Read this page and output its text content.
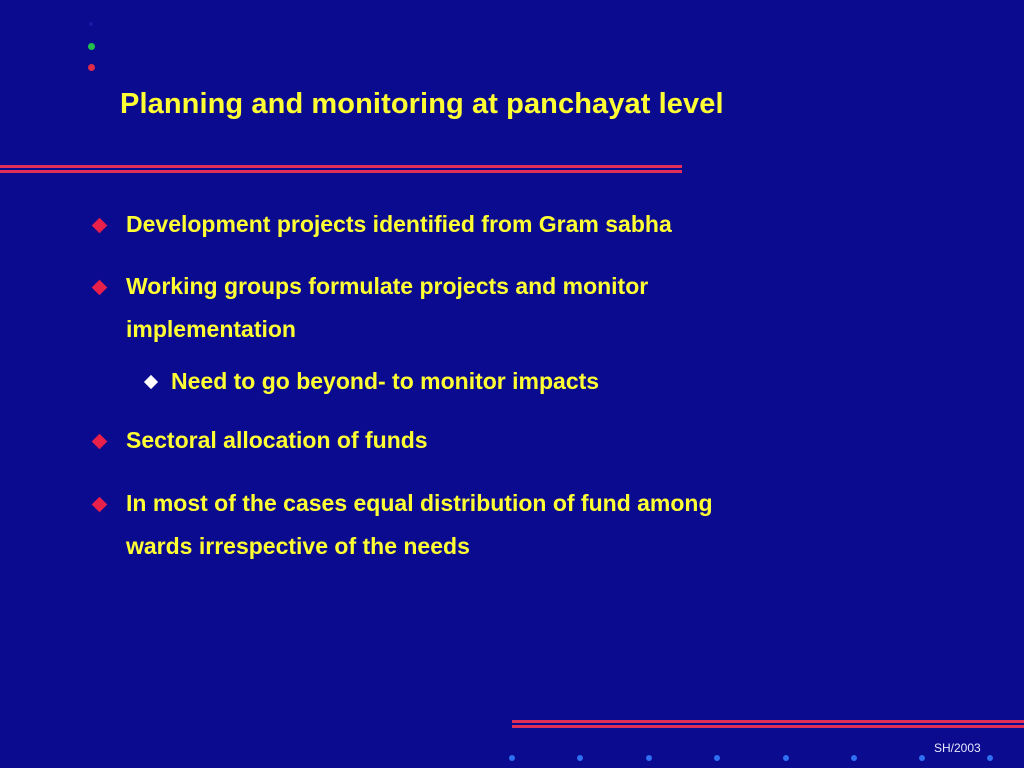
Planning and monitoring at panchayat level
Development projects identified from Gram sabha
Working groups formulate projects and monitor
implementation
Need to go beyond- to monitor impacts
Sectoral allocation of funds
In most of the cases equal distribution of fund among
wards irrespective of the needs
SH/2003
